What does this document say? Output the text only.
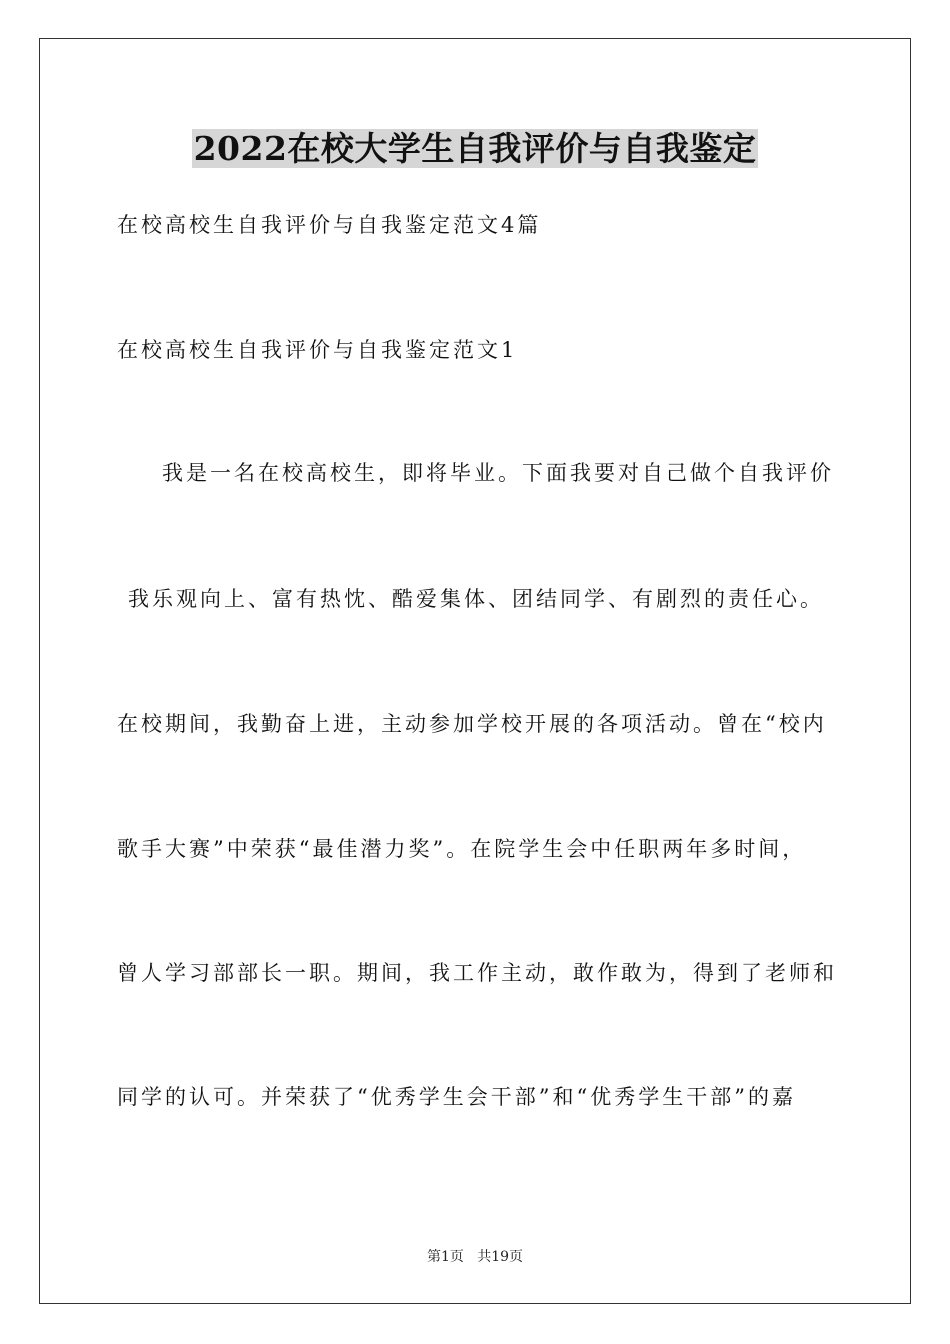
2022在校大学生自我评价与自我鉴定
在校高校生自我评价与自我鉴定范文4篇
在校高校生自我评价与自我鉴定范文1
我是一名在校高校生，即将毕业。下面我要对自己做个自我评价
我乐观向上、富有热忱、酷爱集体、团结同学、有剧烈的责任心。
在校期间，我勤奋上进，主动参加学校开展的各项活动。曾在“校内
歌手大赛”中荣获“最佳潜力奖”。在院学生会中任职两年多时间，
曾人学习部部长一职。期间，我工作主动，敢作敢为，得到了老师和
同学的认可。并荣获了“优秀学生会干部”和“优秀学生干部”的嘉
第1页   共19页
